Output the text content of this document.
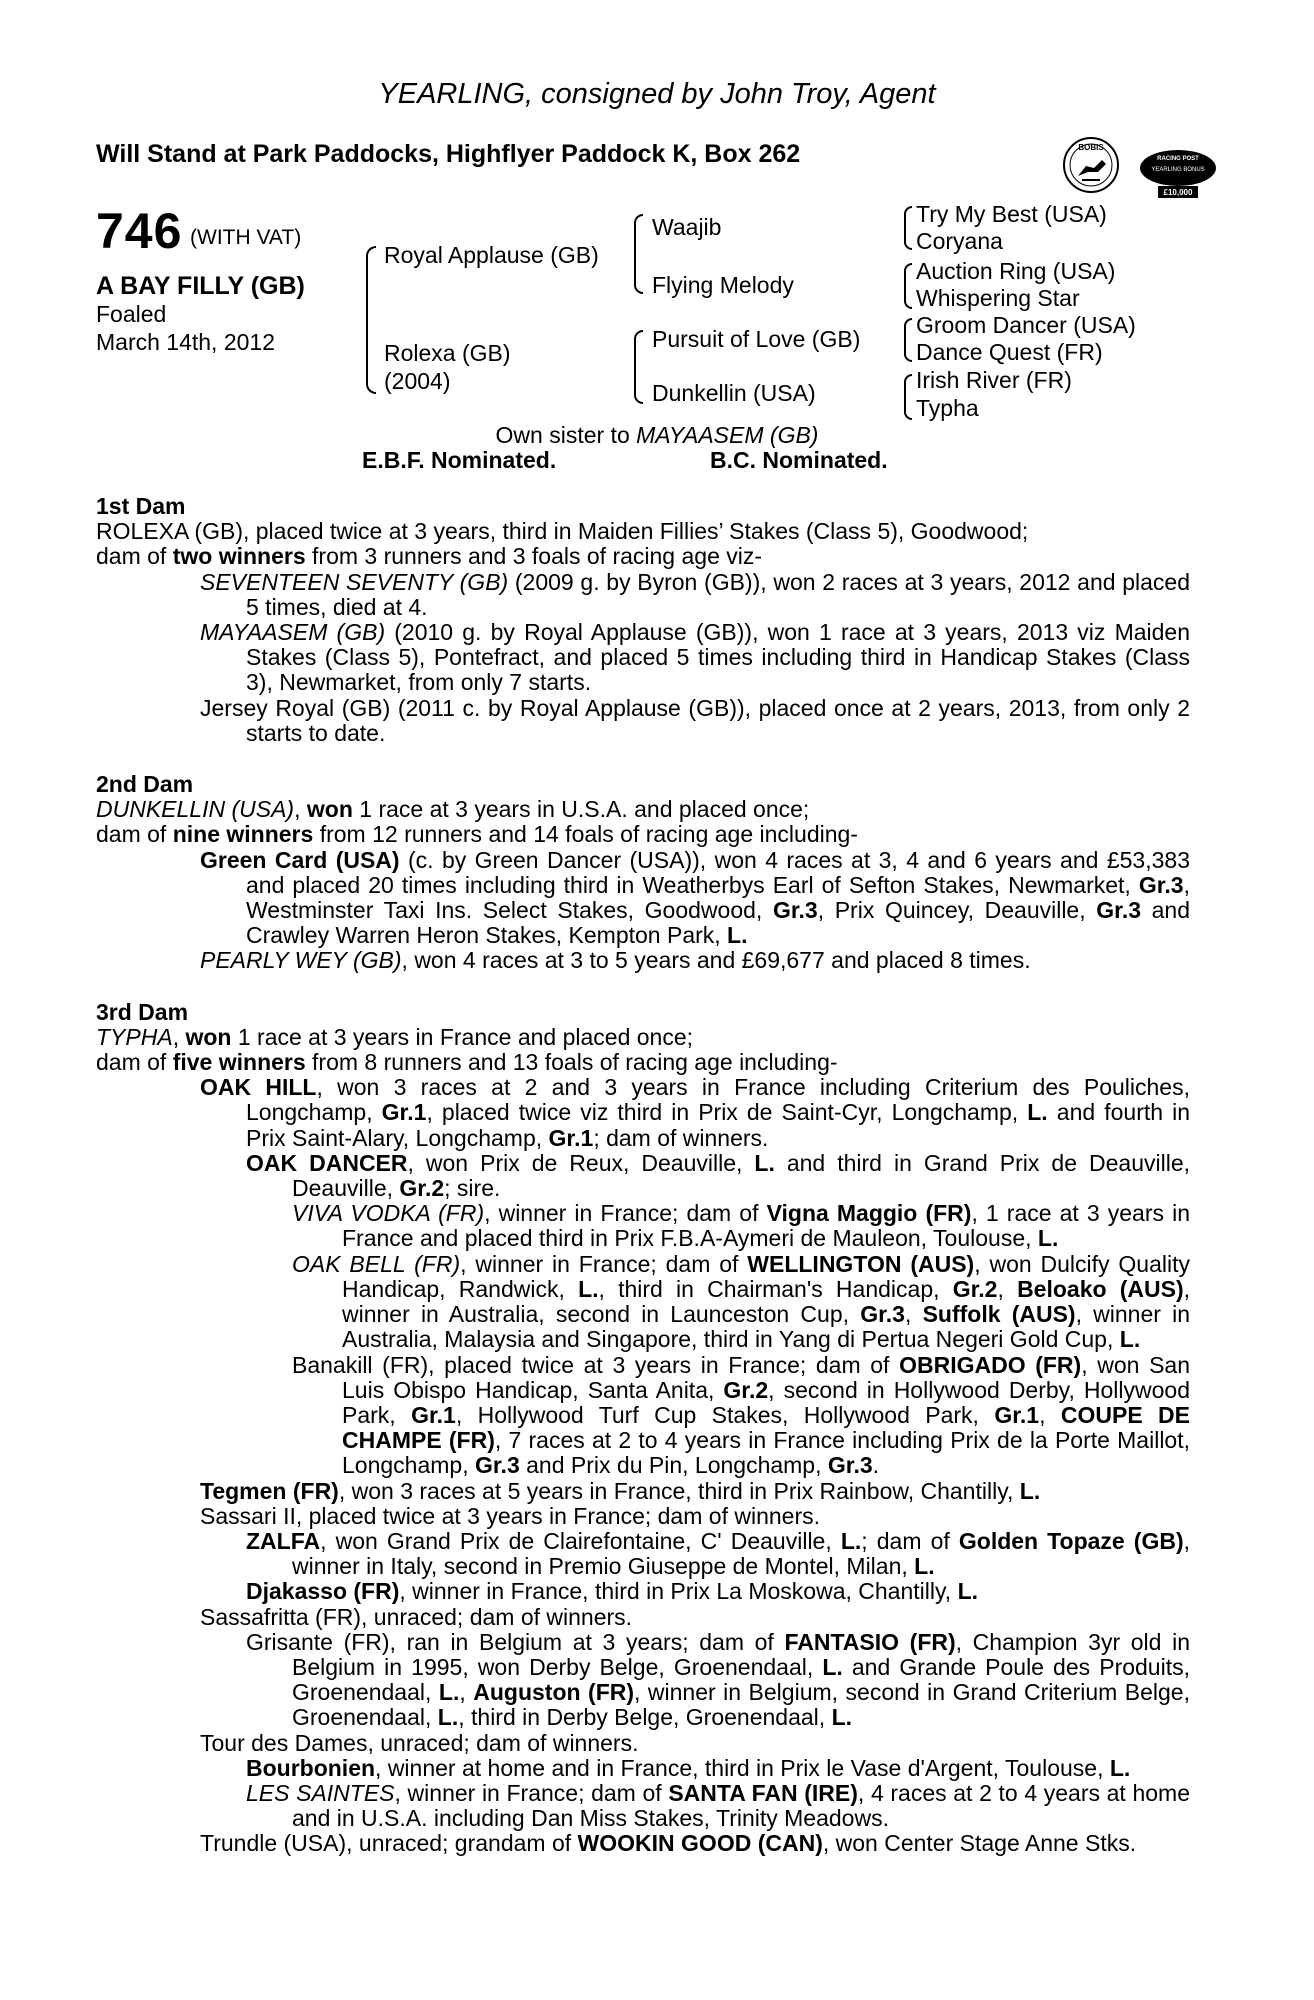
YEARLING, consigned by John Troy, Agent
Will Stand at Park Paddocks, Highflyer Paddock K, Box 262	BOBIS
RACING POST
YEARLING BONUS
£10,000
746 (WITH VAT)
A BAY FILLY (GB)
Foaled
March 14th, 2012
Royal Applause (GB)
Rolexa (GB)
(2004)
Waajib
Flying Melody
Pursuit of Love (GB)
Dunkellin (USA)
Try My Best (USA)
Coryana
Auction Ring (USA)
Whispering Star
Groom Dancer (USA)
Dance Quest (FR)
Irish River (FR)
Typha
Own sister to MAYAASEM (GB)
E.B.F. Nominated.	B.C. Nominated.

1st Dam

ROLEXA (GB), placed twice at 3 years, third in Maiden Fillies’ Stakes (Class 5), Goodwood;

dam of two winners from 3 runners and 3 foals of racing age viz-

SEVENTEEN SEVENTY (GB) (2009 g. by Byron (GB)), won 2 races at 3 years, 2012 and placed 5 times, died at 4.

MAYAASEM (GB) (2010 g. by Royal Applause (GB)), won 1 race at 3 years, 2013 viz Maiden Stakes (Class 5), Pontefract, and placed 5 times including third in Handicap Stakes (Class 3), Newmarket, from only 7 starts.

Jersey Royal (GB) (2011 c. by Royal Applause (GB)), placed once at 2 years, 2013, from only 2 starts to date.

2nd Dam

DUNKELLIN (USA), won 1 race at 3 years in U.S.A. and placed once;

dam of nine winners from 12 runners and 14 foals of racing age including-

Green Card (USA) (c. by Green Dancer (USA)), won 4 races at 3, 4 and 6 years and £53,383 and placed 20 times including third in Weatherbys Earl of Sefton Stakes, Newmarket, Gr.3, Westminster Taxi Ins. Select Stakes, Goodwood, Gr.3, Prix Quincey, Deauville, Gr.3 and Crawley Warren Heron Stakes, Kempton Park, L.

PEARLY WEY (GB), won 4 races at 3 to 5 years and £69,677 and placed 8 times.

3rd Dam

TYPHA, won 1 race at 3 years in France and placed once;

dam of five winners from 8 runners and 13 foals of racing age including-

OAK HILL, won 3 races at 2 and 3 years in France including Criterium des Pouliches, Longchamp, Gr.1, placed twice viz third in Prix de Saint-Cyr, Longchamp, L. and fourth in Prix Saint-Alary, Longchamp, Gr.1; dam of winners.

OAK DANCER, won Prix de Reux, Deauville, L. and third in Grand Prix de Deauville, Deauville, Gr.2; sire.

VIVA VODKA (FR), winner in France; dam of Vigna Maggio (FR), 1 race at 3 years in France and placed third in Prix F.B.A-Aymeri de Mauleon, Toulouse, L.

OAK BELL (FR), winner in France; dam of WELLINGTON (AUS), won Dulcify Quality Handicap, Randwick, L., third in Chairman's Handicap, Gr.2, Beloako (AUS), winner in Australia, second in Launceston Cup, Gr.3, Suffolk (AUS), winner in Australia, Malaysia and Singapore, third in Yang di Pertua Negeri Gold Cup, L.

Banakill (FR), placed twice at 3 years in France; dam of OBRIGADO (FR), won San Luis Obispo Handicap, Santa Anita, Gr.2, second in Hollywood Derby, Hollywood Park, Gr.1, Hollywood Turf Cup Stakes, Hollywood Park, Gr.1, COUPE DE CHAMPE (FR), 7 races at 2 to 4 years in France including Prix de la Porte Maillot, Longchamp, Gr.3 and Prix du Pin, Longchamp, Gr.3.

Tegmen (FR), won 3 races at 5 years in France, third in Prix Rainbow, Chantilly, L.

Sassari II, placed twice at 3 years in France; dam of winners.

ZALFA, won Grand Prix de Clairefontaine, C' Deauville, L.; dam of Golden Topaze (GB), winner in Italy, second in Premio Giuseppe de Montel, Milan, L.

Djakasso (FR), winner in France, third in Prix La Moskowa, Chantilly, L.

Sassafritta (FR), unraced; dam of winners.

Grisante (FR), ran in Belgium at 3 years; dam of FANTASIO (FR), Champion 3yr old in Belgium in 1995, won Derby Belge, Groenendaal, L. and Grande Poule des Produits, Groenendaal, L., Auguston (FR), winner in Belgium, second in Grand Criterium Belge, Groenendaal, L., third in Derby Belge, Groenendaal, L.

Tour des Dames, unraced; dam of winners.

Bourbonien, winner at home and in France, third in Prix le Vase d'Argent, Toulouse, L.

LES SAINTES, winner in France; dam of SANTA FAN (IRE), 4 races at 2 to 4 years at home and in U.S.A. including Dan Miss Stakes, Trinity Meadows.

Trundle (USA), unraced; grandam of WOOKIN GOOD (CAN), won Center Stage Anne Stks.
